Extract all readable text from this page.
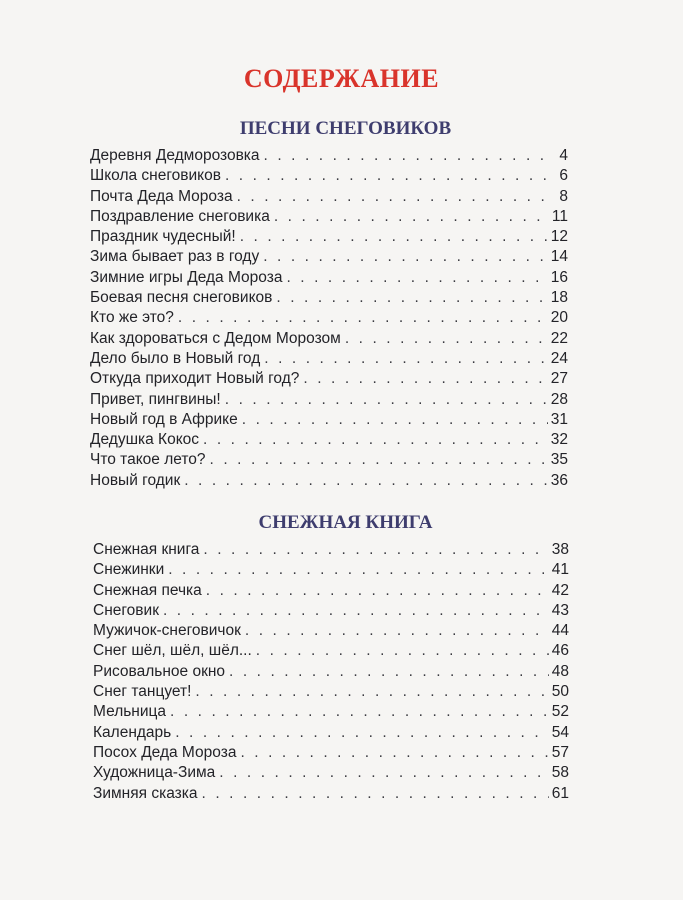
СОДЕРЖАНИЕ
ПЕСНИ СНЕГОВИКОВ
Деревня Дедморозовка . . .	4
Школа снеговиков . . .	6
Почта Деда Мороза . . .	8
Поздравление снеговика . . .	11
Праздник чудесный! . . .	12
Зима бывает раз в году . . .	14
Зимние игры Деда Мороза . . .	16
Боевая песня снеговиков . . .	18
Кто же это? . . .	20
Как здороваться с Дедом Морозом . . .	22
Дело было в Новый год . . .	24
Откуда приходит Новый год? . . .	27
Привет, пингвины! . . .	28
Новый год в Африке . . .	31
Дедушка Кокос . . .	32
Что такое лето? . . .	35
Новый годик . . .	36
СНЕЖНАЯ КНИГА
Снежная книга . . .	38
Снежинки . . .	41
Снежная печка . . .	42
Снеговик . . .	43
Мужичок-снеговичок . . .	44
Снег шёл, шёл, шёл... . . .	46
Рисовальное окно . . .	48
Снег танцует! . . .	50
Мельница . . .	52
Календарь . . .	54
Посох Деда Мороза . . .	57
Художница-Зима . . .	58
Зимняя сказка . . .	61
